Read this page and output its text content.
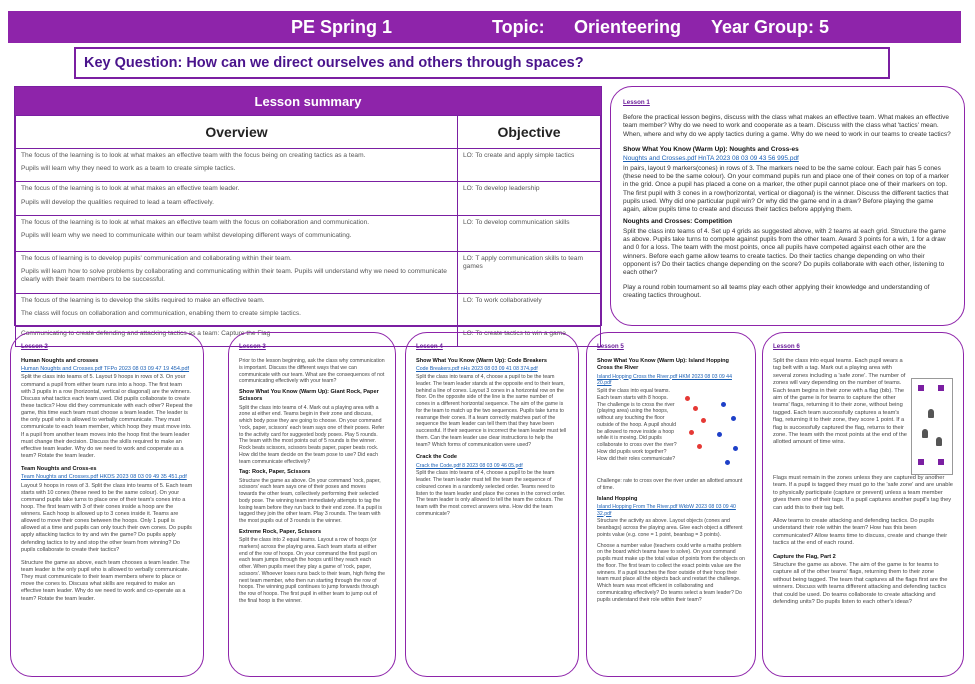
PE Spring 1	Topic: Orienteering Year Group: 5
Key Question: How can we direct ourselves and others through spaces?
Lesson summary
Overview	Objective

The focus of the learning is to look at what makes an effective team with the focus being on creating tactics as a team.

Pupils will learn why they need to work as a team to create simple tactics.	LO: To create and apply simple tactics

The focus of the learning is to look at what makes an effective team leader.

Pupils will develop the qualities required to lead a team effectively.	LO: To develop leadership

The focus of the learning is to look at what makes an effective team with the focus on collaboration and communication.

Pupils will learn why we need to communicate within our team whilst developing different ways of communicating.	LO: To develop communication skills

The focus of learning is to develop pupils' communication and collaborating within their team.

Pupils will learn how to solve problems by collaborating and communicating within their team. Pupils will understand why we need to communicate clearly with their team members to be successful.	LO: T apply communication skills to team games

The focus of the learning is to develop the skills required to make an effective team.

The class will focus on collaboration and communication, enabling them to create simple tactics.	LO: To work collaboratively

Communicating to create defending and attacking tactics as a team: Capture the Flag	LO: To create tactics to win a game
Lesson 1

Before the practical lesson begins, discuss with the class what makes an effective team. What makes an effective team member? Why do we need to work and cooperate as a team. Discuss with the class what 'tactics' mean. When, where and why do we apply tactics during a game. Why do we need to work in our teams to create tactics?

Show What You Know (Warm Up): Noughts and Cross-es

Noughts and Crosses.pdf HnTA 2023 08 03 09 43 56 995.pdf

In pairs, layout 9 markers(cones) in rows of 3. The markers need to be the same colour. Each pair has 5 cones (these need to be the same colour). On your command pupils run and place one of their cones on top of a marker in the grid. Once a pupil has placed a cone on a marker, the other pupil cannot place one of their markers on top. The first pupil with 3 cones in a row(horizontal, vertical or diagonal) is the winner. Discuss the different tactics that pupils used. Why did one particular pupil win? Or why did the game end in a draw? Before playing the game again, allow pupils time to create and discuss their tactics before applying them.

Noughts and Crosses: Competition

Split the class into teams of 4. Set up 4 grids as suggested above, with 2 teams at each grid. Structure the game as above. Pupils take turns to compete against pupils from the other team. Award 3 points for a win, 1 for a draw and 0 for a loss. The team with the most points, once all pupils have competed against each other are the winners. Before each game allow teams to create tactics. Do their tactics change depending on who their opponent is? Do their tactics change depending on the score? Do pupils collaborate with each other, listening to each other?

Play a round robin tournament so all teams play each other applying their knowledge and understanding of creating tactics throughout.

Lesson 2

Human Noughts and crosses

Human Noughts and Crosses.pdf TFPo 2023 08 03 09 47 19 454.pdf

Split the class into teams of 5. Layout 9 hoops in rows of 3. On your command a pupil from either team runs into a hoop. The first team with 3 pupils in a row (horizontal, vertical or diagonal) are the winners. Discuss what tactics each team used. Did pupils collaborate to create these tactics? How did they communicate with each other? Repeat the game, this time each team must choose a team leader. The leader is the only pupil who is allowed to verbally communicate. They must communicate to each team member, which hoop they must move into. If a pupil from another team moves into the hoop first the team leader must change their decision. Discuss the skills required to make an effective team leader. Why do we need to work and cooperate as a team? Rotate the team leader.

Team Noughts and Cross-es

Team Noughts and Crosses.pdf HKDS 2023 08 03 09 49 35 451.pdf

Layout 9 hoops in rows of 3. Split the class into teams of 5. Each team starts with 10 cones (these need to be the same colour). On your command pupils take turns to place one of their team's cones into a hoop. The first team with 3 of their cones inside a hoop are the winners. Each hoop is allowed up to 3 cones inside it. Teams are allowed to move their cones between the hoops. Only 1 pupil is allowed at a time and pupils can only touch their own cones. Do pupils apply attacking tactics to try and win the game? Do pupils apply defending tactics to try and stop the other team from winning? Do pupils collaborate to create their tactics?

Structure the game as above, each team chooses a team leader. The team leader is the only pupil who is allowed to verbally communicate. They must communicate to their team members where to place or move the cones to. Discuss what skills are required to make an effective team leader. Why do we need to work and co-operate as a team? Rotate the team leader.

Lesson 3

Prior to the lesson beginning, ask the class why communication is important. Discuss the different ways that we can communicate with our team. What are the consequences of not communicating effectively with your team?

Show What You Know (Warm Up): Giant Rock, Paper Scissors

Split the class into teams of 4. Mark out a playing area with a zone at either end. Teams begin in their zone and discuss, which body pose they are going to choose. On your command 'rock, paper, scissors' each team says one of their poses. Refer to the activity card for suggested body poses. Play 5 rounds. The team with the most points out of 5 rounds is the winner. Rock beats scissors, scissors beats paper, paper beats rock. How did the team decide on the team pose to use? Did each team communicate effectively?

Tag: Rock, Paper, Scissors

Structure the game as above. On your command 'rock, paper, scissors' each team says one of their poses and moves towards the other team, collectively performing their selected body pose. The winning team immediately attempts to tag the losing team before they run back to their end zone. If a pupil is tagged they join the other team. Play 3 rounds. The team with the most pupils out of 3 rounds is the winner.

Extreme Rock, Paper, Scissors

Split the class into 2 equal teams. Layout a row of hoops (or markers) across the playing area. Each team starts at either end of the row of hoops. On your command the first pupil on each team jumps through the hoops until they reach each other. When pupils meet they play a game of 'rock, paper, scissors'. Whoever loses runs back to their team, high fiving the next team member, who then run starting through the row of hoops. The winning pupil continues to jump forwards through the row of hoops. The first pupil in either team to jump out of the final hoop is the winner.

Lesson 4

Show What You Know (Warm Up): Code Breakers

Code Breakers.pdf nHs 2023 08 03 09 41 08 374.pdf

Split the class into teams of 4, choose a pupil to be the team leader. The team leader stands at the opposite end to their team, behind a line of cones. Layout 3 cones in a horizontal row on the floor. On the opposite side of the line is the same number of cones in a different horizontal sequence. The aim of the game is for the team to match up the two sequences. Pupils take turns to rearrange their cones. If a team correctly matches part of the sequence the team leader can tell them that they have been successful. If their sequence is incorrect the team leader must tell them. Can the team leader use clear instructions to help the team? Which forms of communication were used?

Crack the Code

Crack the Code.pdf 8 2023 08 03 09 46 05.pdf

Split the class into teams of 4, choose a pupil to be the team leader. The team leader must tell the team the sequence of coloured cones in a randomly selected order. Teams need to listen to the team leader and place the cones in the correct order. The team leader is only allowed to tell the team the colours. The team with the most correct answers wins. How did the team communicate?

Lesson 5

Show What You Know (Warm Up): Island Hopping Cross the River

Island Hopping Cross the River.pdf HKM 2023 08 03 09 44 20.pdf

Split the class into equal teams. Each team starts with 8 hoops. The challenge is to cross the river (playing area) using the hoops, without any touching the floor outside of the hoop. A pupil should be allowed to move inside a hoop while it is moving. Did pupils collaborate to cross over the river? How did pupils work together? How did their roles communicate?

Challenge: rate to cross over the river under an allotted amount of time.

Island Hopping

Island Hopping From The River.pdf WkbW 2023 08 03 09 40 32.pdf

Structure the activity as above. Layout objects (cones and beanbags) across the playing area. Give each object a different points value (e.g. cone = 1 point, beanbag = 3 points).

Choose a number value (teachers could write a maths problem on the board which teams have to solve). On your command pupils must make up the total value of points from the objects on the floor. The first team to collect the exact points value are the winners. If a pupil touches the floor outside of their hoop their team must place all the objects back and restart the challenge. Which team was most efficient in collaborating and communicating effectively? Do teams select a team leader? Do pupils understand their role within their team?

Lesson 6

Split the class into equal teams. Each pupil wears a tag belt with a tag. Mark out a playing area with several zones including a 'safe zone'. The number of zones will vary depending on the number of teams. Each team begins in their zone with a flag (bib). The aim of the game is for teams to capture the other teams' flags, returning it to their zone, without being tagged. Each team successfully captures a team's flag, returning it to their zone, they score 1 point. If a flag is successfully captured the flag, returns to their zone. The team with the most points at the end of the allotted amount of time wins.

Flags must remain in the zones unless they are captured by another team. If a pupil is tagged they must go to the 'safe zone' and are unable to physically participate (capture or prevent) unless a team member gives them one of their tags. If a pupil captures another pupil's tag they can add this to their tag belt.

Allow teams to create attacking and defending tactics. Do pupils understand their role within the team? How has this been communicated? Allow teams time to discuss, create and change their tactics at the end of each round.

Capture the Flag, Part 2

Structure the game as above. The aim of the game is for teams to capture all of the other teams' flags, returning them to their zone without being tagged. The team that captures all the flags first are the winners. Discuss with teams different attacking and defending tactics that could be used. Do teams collaborate to create attacking and defending units? Do pupils listen to each other's ideas?
